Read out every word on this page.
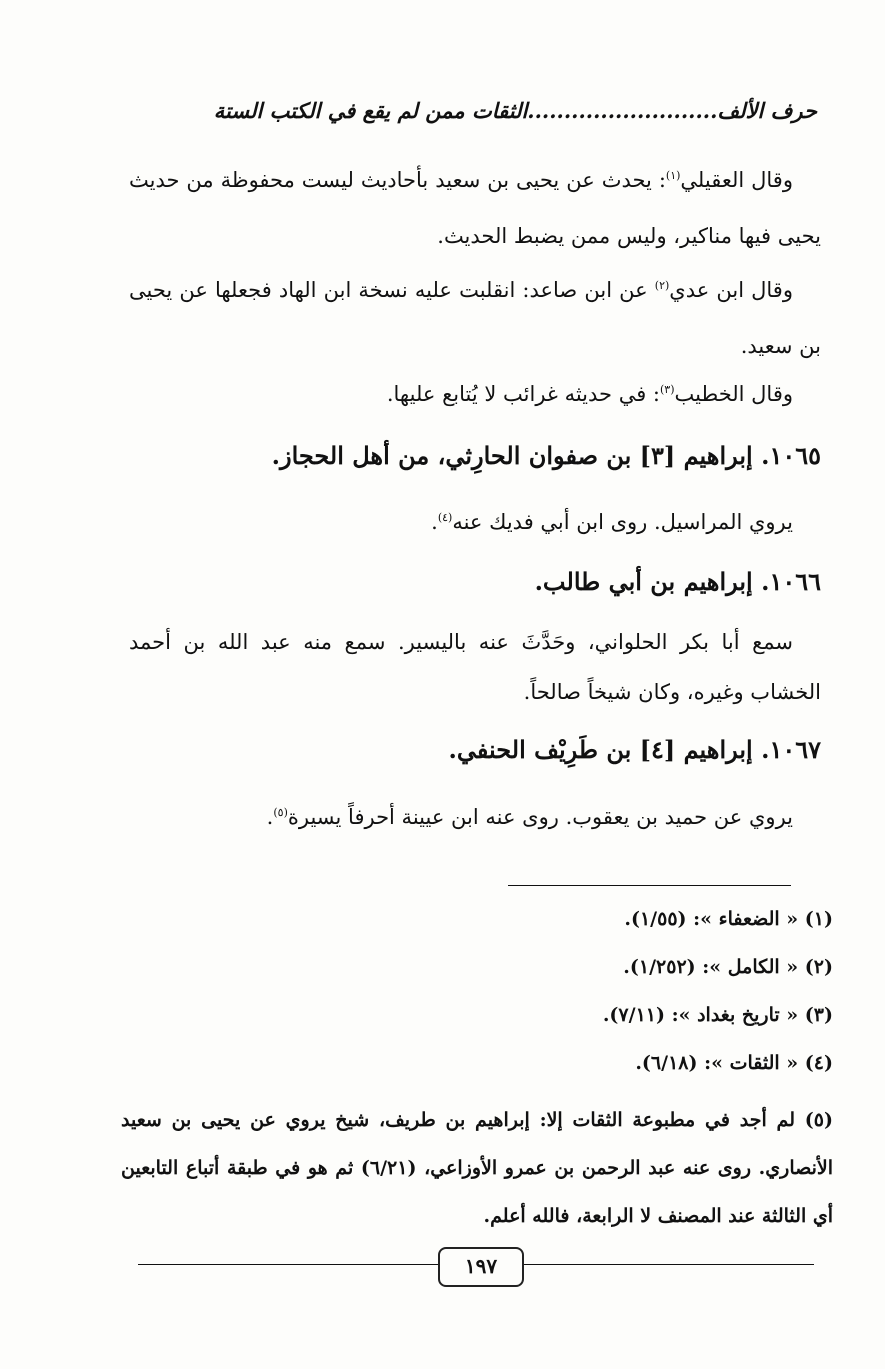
حرف الألف..........................الثقات ممن لم يقع في الكتب الستة
وقال العقيلي$^{(١)}$: يحدث عن يحيى بن سعيد بأحاديث ليست محفوظة من حديث يحيى فيها مناكير، وليس ممن يضبط الحديث.
وقال ابن عدي$^{(٢)}$ عن ابن صاعد: انقلبت عليه نسخة ابن الهاد فجعلها عن يحيى بن سعيد.
وقال الخطيب$^{(٣)}$: في حديثه غرائب لا يُتابع عليها.
١٠٦٥. إبراهيم [٣] بن صفوان الحارِثي، من أهل الحجاز.
يروي المراسيل. روى ابن أبي فديك عنه$^{(٤)}$.
١٠٦٦. إبراهيم بن أبي طالب.
سمع أبا بكر الحلواني، وحَدَّثَ عنه باليسير. سمع منه عبد الله بن أحمد الخشاب وغيره، وكان شيخاً صالحاً.
١٠٦٧. إبراهيم [٤] بن طَرِيْف الحنفي.
يروي عن حميد بن يعقوب. روى عنه ابن عيينة أحرفاً يسيرة$^{(٥)}$.
(١) « الضعفاء »: (١/٥٥).
(٢) « الكامل »: (١/٢٥٢).
(٣) « تاريخ بغداد »: (٧/١١).
(٤) « الثقات »: (٦/١٨).
(٥) لم أجد في مطبوعة الثقات إلا: إبراهيم بن طريف، شيخ يروي عن يحيى بن سعيد الأنصاري. روى عنه عبد الرحمن بن عمرو الأوزاعي، (٦/٢١) ثم هو في طبقة أتباع التابعين أي الثالثة عند المصنف لا الرابعة، فالله أعلم.
١٩٧
